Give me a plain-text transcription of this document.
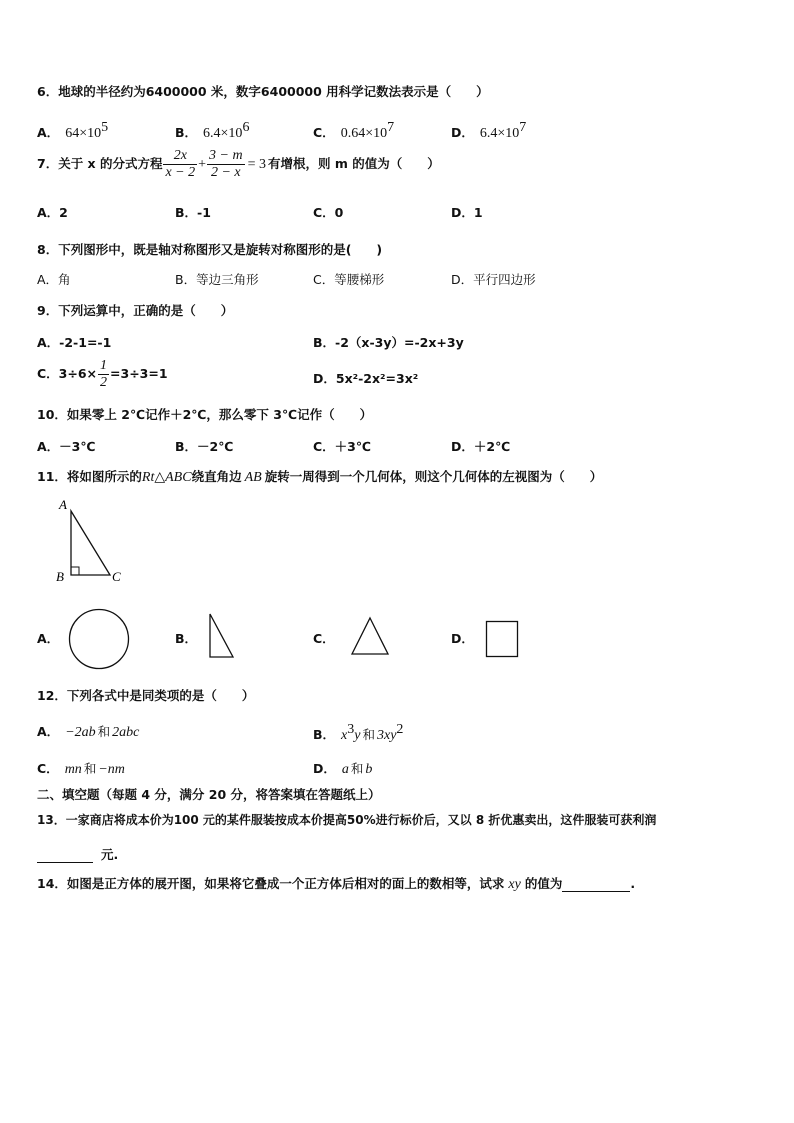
6．地球的半径约为6400000 米，数字6400000 用科学记数法表示是（　　）
A． $64\times 10^5$	B． $6.4\times 10^6$	C． $0.64\times 10^7$	D． $6.4\times 10^7$
7．关于 x 的分式方程 $\frac{2x}{x - 2} + \frac{3 - m}{2 - x} = 3$ 有增根，则 m 的值为（　　）
A．2	B．-1	C．0	D．1
8．下列图形中，既是轴对称图形又是旋转对称图形的是(　　)
A．角	B．等边三角形	C．等腰梯形	D．平行四边形
9．下列运算中，正确的是（　　）
A．-2-1=-1	B．-2（x-3y）=-2x+3y
C．$3\div 6\times \frac{1}{2} =3\div 3=1$	D．5x²-2x²=3x²
10．如果零上 2℃记作＋2℃，那么零下 3℃记作（　　）
A．－3℃	B．－2℃	C．＋3℃	D．＋2℃
11．将如图所示的Rt△ABC绕直角边 AB 旋转一周得到一个几何体，则这个几何体的左视图为（　　）
A
B	C
A．	B．	C．	D．
12．下列各式中是同类项的是（　　）
A． −2ab 和 2abc	B． $x^3y$ 和 $3xy^2$
C． mn 和 −nm	D． a 和 b
二、填空题（每题 4 分，满分 20 分，将答案填在答题纸上）
13．一家商店将成本价为100 元的某件服装按成本价提高50%进行标价后，又以 8 折优惠卖出，这件服装可获利润
元.
14．如图是正方体的展开图，如果将它叠成一个正方体后相对的面上的数相等，试求 xy 的值为	.
